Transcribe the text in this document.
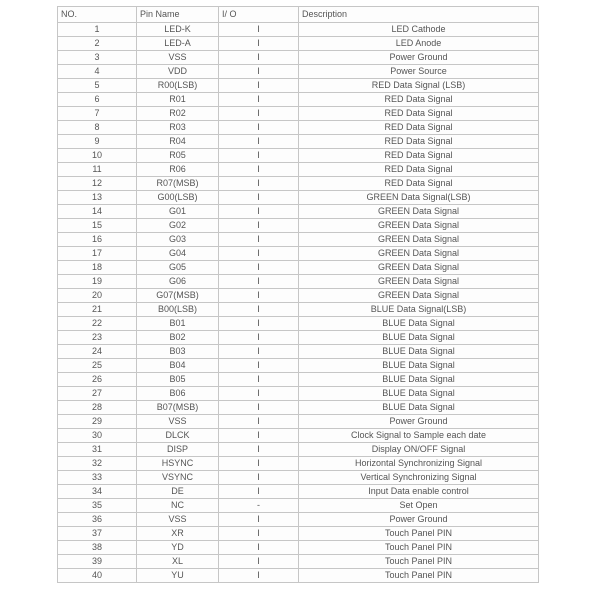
NO.	Pin Name	I/ O	Description
1	LED-K	I	LED Cathode
2	LED-A	I	LED Anode
3	VSS	I	Power Ground
4	VDD	I	Power Source
5	R00(LSB)	I	RED Data Signal (LSB)
6	R01	I	RED Data Signal
7	R02	I	RED Data Signal
8	R03	I	RED Data Signal
9	R04	I	RED Data Signal
10	R05	I	RED Data Signal
11	R06	I	RED Data Signal
12	R07(MSB)	I	RED Data Signal
13	G00(LSB)	I	GREEN Data Signal(LSB)
14	G01	I	GREEN Data Signal
15	G02	I	GREEN Data Signal
16	G03	I	GREEN Data Signal
17	G04	I	GREEN Data Signal
18	G05	I	GREEN Data Signal
19	G06	I	GREEN Data Signal
20	G07(MSB)	I	GREEN Data Signal
21	B00(LSB)	I	BLUE Data Signal(LSB)
22	B01	I	BLUE Data Signal
23	B02	I	BLUE Data Signal
24	B03	I	BLUE Data Signal
25	B04	I	BLUE Data Signal
26	B05	I	BLUE Data Signal
27	B06	I	BLUE Data Signal
28	B07(MSB)	I	BLUE Data Signal
29	VSS	I	Power Ground
30	DLCK	I	Clock Signal to Sample each date
31	DISP	I	Display ON/OFF Signal
32	HSYNC	I	Horizontal Synchronizing Signal
33	VSYNC	I	Vertical Synchronizing Signal
34	DE	I	Input Data enable control
35	NC	-	Set Open
36	VSS	I	Power Ground
37	XR	I	Touch Panel PIN
38	YD	I	Touch Panel PIN
39	XL	I	Touch Panel PIN
40	YU	I	Touch Panel PIN
